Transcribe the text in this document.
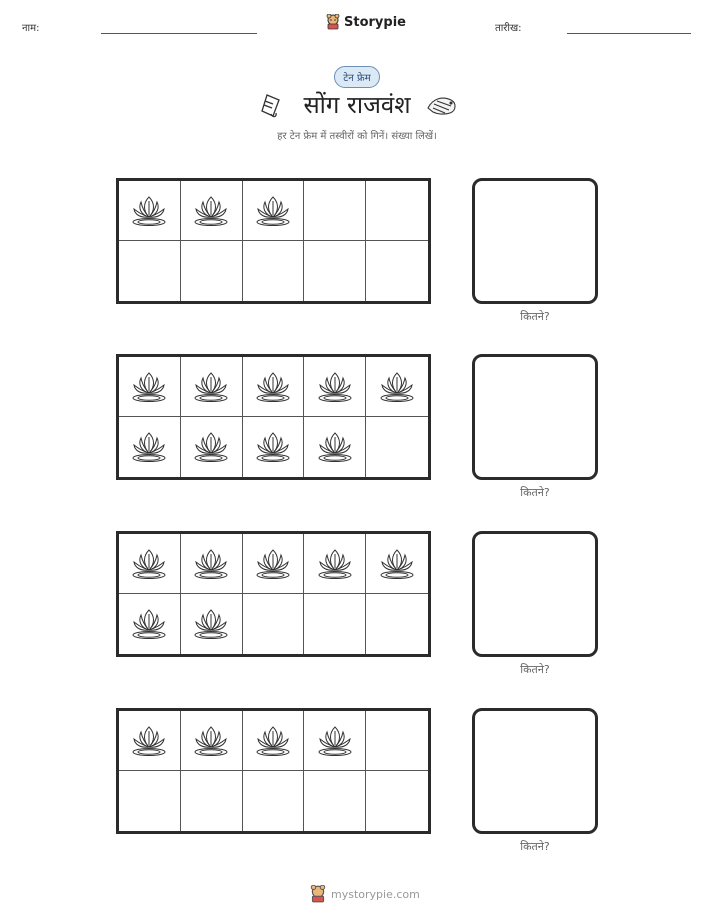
नाम:	Storypie	तारीख:
टेन फ्रेम
सोंग राजवंश
हर टेन फ्रेम में तस्वीरों को गिनें। संख्या लिखें।
कितने?
कितने?
कितने?
कितने?
mystorypie.com
